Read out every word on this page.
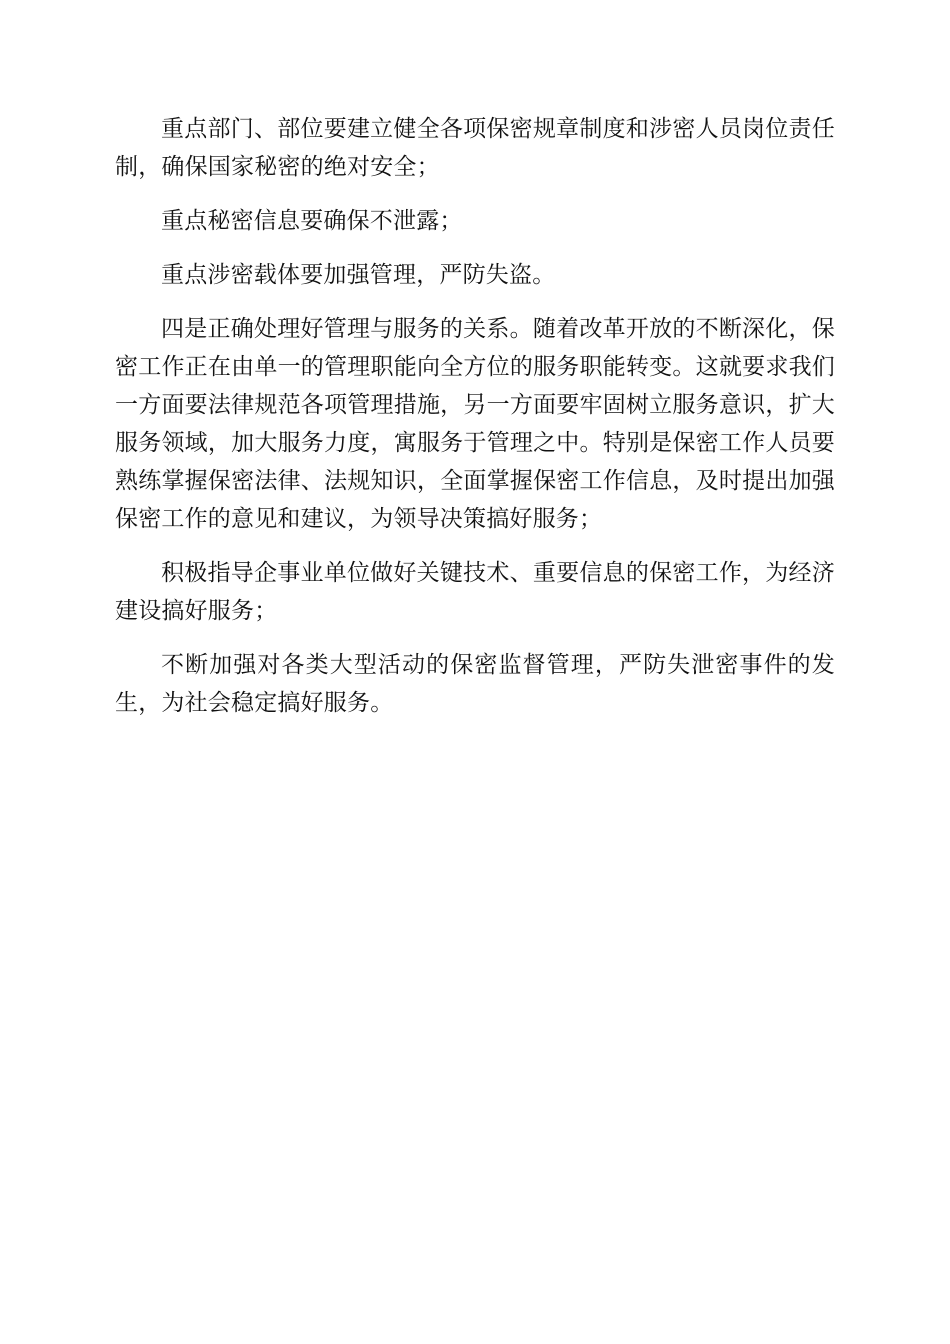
重点部门、部位要建立健全各项保密规章制度和涉密人员岗位责任制，确保国家秘密的绝对安全；

重点秘密信息要确保不泄露；

重点涉密载体要加强管理，严防失盗。

四是正确处理好管理与服务的关系。随着改革开放的不断深化，保密工作正在由单一的管理职能向全方位的服务职能转变。这就要求我们一方面要法律规范各项管理措施，另一方面要牢固树立服务意识，扩大服务领域，加大服务力度，寓服务于管理之中。特别是保密工作人员要熟练掌握保密法律、法规知识，全面掌握保密工作信息，及时提出加强保密工作的意见和建议，为领导决策搞好服务；

积极指导企事业单位做好关键技术、重要信息的保密工作，为经济建设搞好服务；

不断加强对各类大型活动的保密监督管理，严防失泄密事件的发生，为社会稳定搞好服务。
